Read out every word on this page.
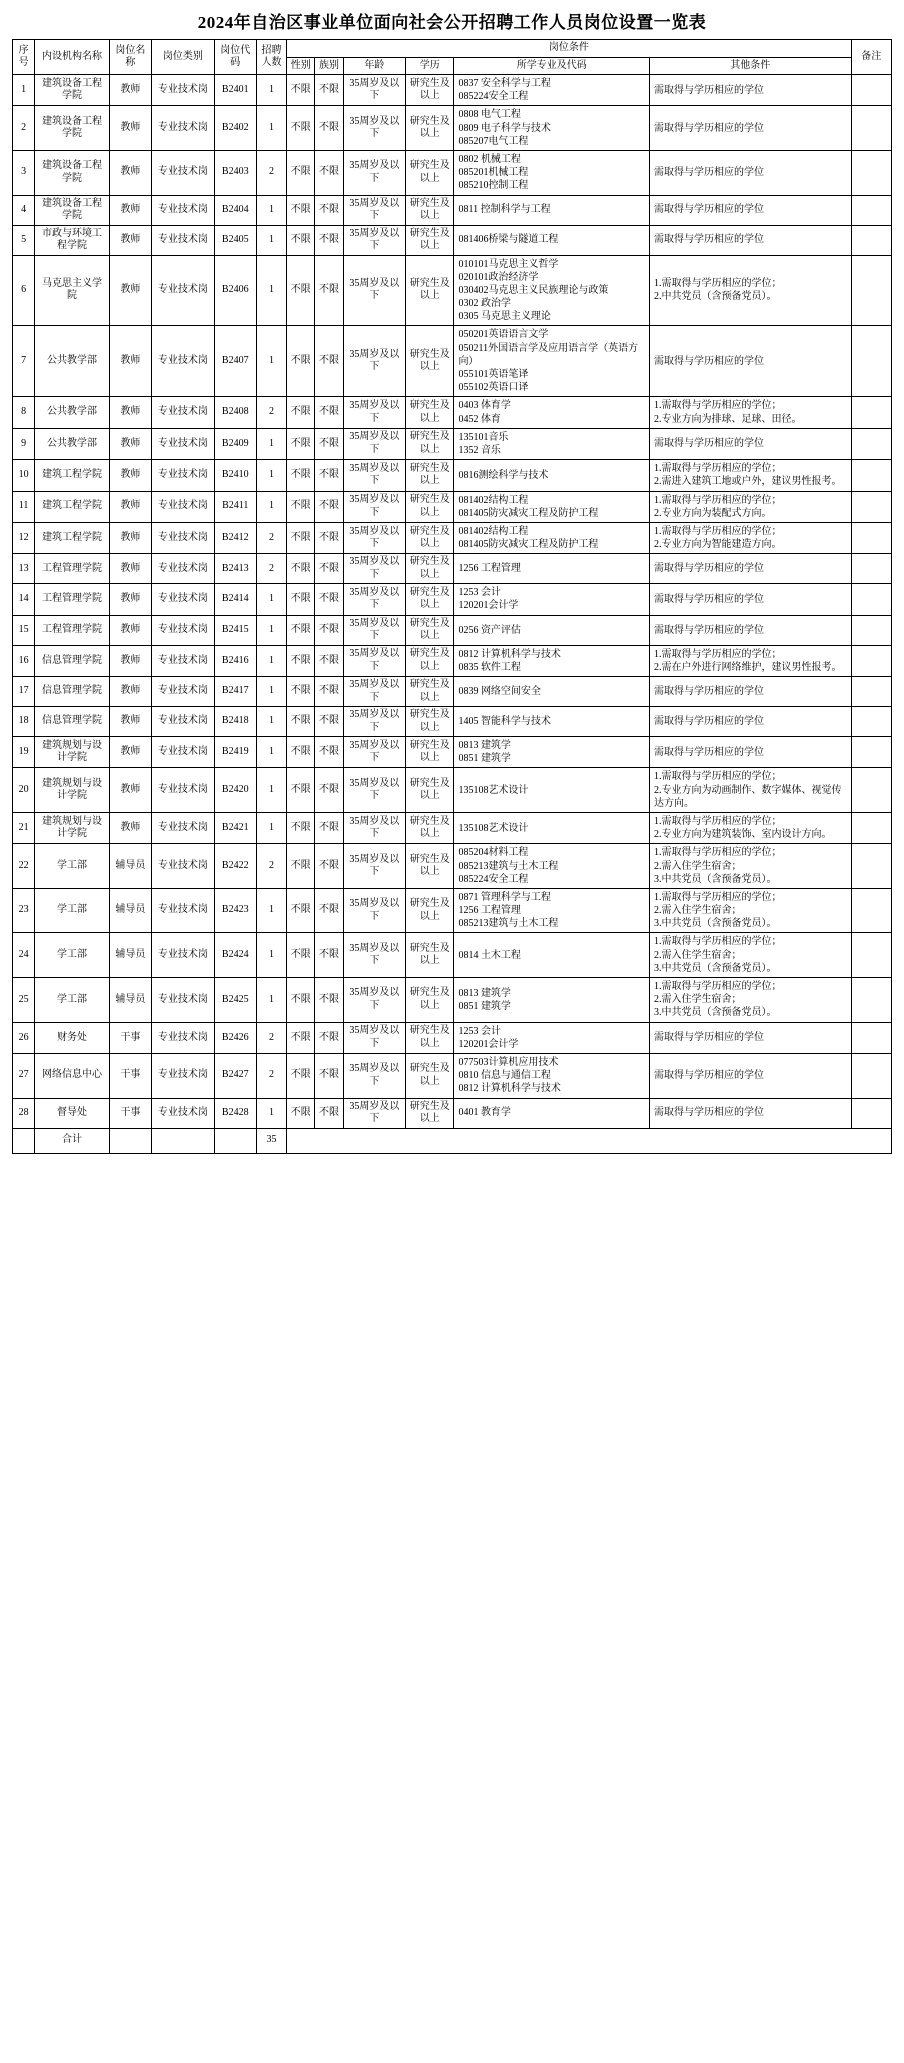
2024年自治区事业单位面向社会公开招聘工作人员岗位设置一览表
序号	内设机构名称	岗位名称	岗位类别	岗位代码	招聘人数	岗位条件						备注
						性别	族别	年龄	学历	所学专业及代码	其他条件	
1	建筑设备工程学院	教师	专业技术岗	B2401	1	不限	不限	35周岁及以下	研究生及以上	0837 安全科学与工程
085224安全工程	需取得与学历相应的学位	
2	建筑设备工程学院	教师	专业技术岗	B2402	1	不限	不限	35周岁及以下	研究生及以上	0808 电气工程
0809 电子科学与技术
085207电气工程	需取得与学历相应的学位	
3	建筑设备工程学院	教师	专业技术岗	B2403	2	不限	不限	35周岁及以下	研究生及以上	0802 机械工程
085201机械工程
085210控制工程	需取得与学历相应的学位	
4	建筑设备工程学院	教师	专业技术岗	B2404	1	不限	不限	35周岁及以下	研究生及以上	0811 控制科学与工程	需取得与学历相应的学位	
5	市政与环境工程学院	教师	专业技术岗	B2405	1	不限	不限	35周岁及以下	研究生及以上	081406桥梁与隧道工程	需取得与学历相应的学位	
6	马克思主义学院	教师	专业技术岗	B2406	1	不限	不限	35周岁及以下	研究生及以上	010101马克思主义哲学
020101政治经济学
030402马克思主义民族理论与政策
0302 政治学
0305 马克思主义理论	1.需取得与学历相应的学位；
2.中共党员（含预备党员）。	
7	公共教学部	教师	专业技术岗	B2407	1	不限	不限	35周岁及以下	研究生及以上	050201英语语言文学
050211外国语言学及应用语言学（英语方向）
055101英语笔译
055102英语口译	需取得与学历相应的学位	
8	公共教学部	教师	专业技术岗	B2408	2	不限	不限	35周岁及以下	研究生及以上	0403 体育学
0452 体育	1.需取得与学历相应的学位；
2.专业方向为排球、足球、田径。	
9	公共教学部	教师	专业技术岗	B2409	1	不限	不限	35周岁及以下	研究生及以上	135101音乐
1352 音乐	需取得与学历相应的学位	
10	建筑工程学院	教师	专业技术岗	B2410	1	不限	不限	35周岁及以下	研究生及以上	0816测绘科学与技术	1.需取得与学历相应的学位；
2.需进入建筑工地或户外，建议男性报考。	
11	建筑工程学院	教师	专业技术岗	B2411	1	不限	不限	35周岁及以下	研究生及以上	081402结构工程
081405防灾减灾工程及防护工程	1.需取得与学历相应的学位；
2.专业方向为装配式方向。	
12	建筑工程学院	教师	专业技术岗	B2412	2	不限	不限	35周岁及以下	研究生及以上	081402结构工程
081405防灾减灾工程及防护工程	1.需取得与学历相应的学位；
2.专业方向为智能建造方向。	
13	工程管理学院	教师	专业技术岗	B2413	2	不限	不限	35周岁及以下	研究生及以上	1256 工程管理	需取得与学历相应的学位	
14	工程管理学院	教师	专业技术岗	B2414	1	不限	不限	35周岁及以下	研究生及以上	1253 会计
120201会计学	需取得与学历相应的学位	
15	工程管理学院	教师	专业技术岗	B2415	1	不限	不限	35周岁及以下	研究生及以上	0256 资产评估	需取得与学历相应的学位	
16	信息管理学院	教师	专业技术岗	B2416	1	不限	不限	35周岁及以下	研究生及以上	0812 计算机科学与技术
0835 软件工程	1.需取得与学历相应的学位；
2.需在户外进行网络维护，建议男性报考。	
17	信息管理学院	教师	专业技术岗	B2417	1	不限	不限	35周岁及以下	研究生及以上	0839 网络空间安全	需取得与学历相应的学位	
18	信息管理学院	教师	专业技术岗	B2418	1	不限	不限	35周岁及以下	研究生及以上	1405 智能科学与技术	需取得与学历相应的学位	
19	建筑规划与设计学院	教师	专业技术岗	B2419	1	不限	不限	35周岁及以下	研究生及以上	0813 建筑学
0851 建筑学	需取得与学历相应的学位	
20	建筑规划与设计学院	教师	专业技术岗	B2420	1	不限	不限	35周岁及以下	研究生及以上	135108艺术设计	1.需取得与学历相应的学位；
2.专业方向为动画制作、数字媒体、视觉传达方向。	
21	建筑规划与设计学院	教师	专业技术岗	B2421	1	不限	不限	35周岁及以下	研究生及以上	135108艺术设计	1.需取得与学历相应的学位；
2.专业方向为建筑装饰、室内设计方向。	
22	学工部	辅导员	专业技术岗	B2422	2	不限	不限	35周岁及以下	研究生及以上	085204材料工程
085213建筑与土木工程
085224安全工程	1.需取得与学历相应的学位；
2.需入住学生宿舍；
3.中共党员（含预备党员）。	
23	学工部	辅导员	专业技术岗	B2423	1	不限	不限	35周岁及以下	研究生及以上	0871 管理科学与工程
1256 工程管理
085213建筑与土木工程	1.需取得与学历相应的学位；
2.需入住学生宿舍；
3.中共党员（含预备党员）。	
24	学工部	辅导员	专业技术岗	B2424	1	不限	不限	35周岁及以下	研究生及以上	0814 土木工程	1.需取得与学历相应的学位；
2.需入住学生宿舍；
3.中共党员（含预备党员）。	
25	学工部	辅导员	专业技术岗	B2425	1	不限	不限	35周岁及以下	研究生及以上	0813 建筑学
0851 建筑学	1.需取得与学历相应的学位；
2.需入住学生宿舍；
3.中共党员（含预备党员）。	
26	财务处	干事	专业技术岗	B2426	2	不限	不限	35周岁及以下	研究生及以上	1253 会计
120201会计学	需取得与学历相应的学位	
27	网络信息中心	干事	专业技术岗	B2427	2	不限	不限	35周岁及以下	研究生及以上	077503计算机应用技术
0810 信息与通信工程
0812 计算机科学与技术	需取得与学历相应的学位	
28	督导处	干事	专业技术岗	B2428	1	不限	不限	35周岁及以下	研究生及以上	0401 教育学	需取得与学历相应的学位	
	合计				35							
